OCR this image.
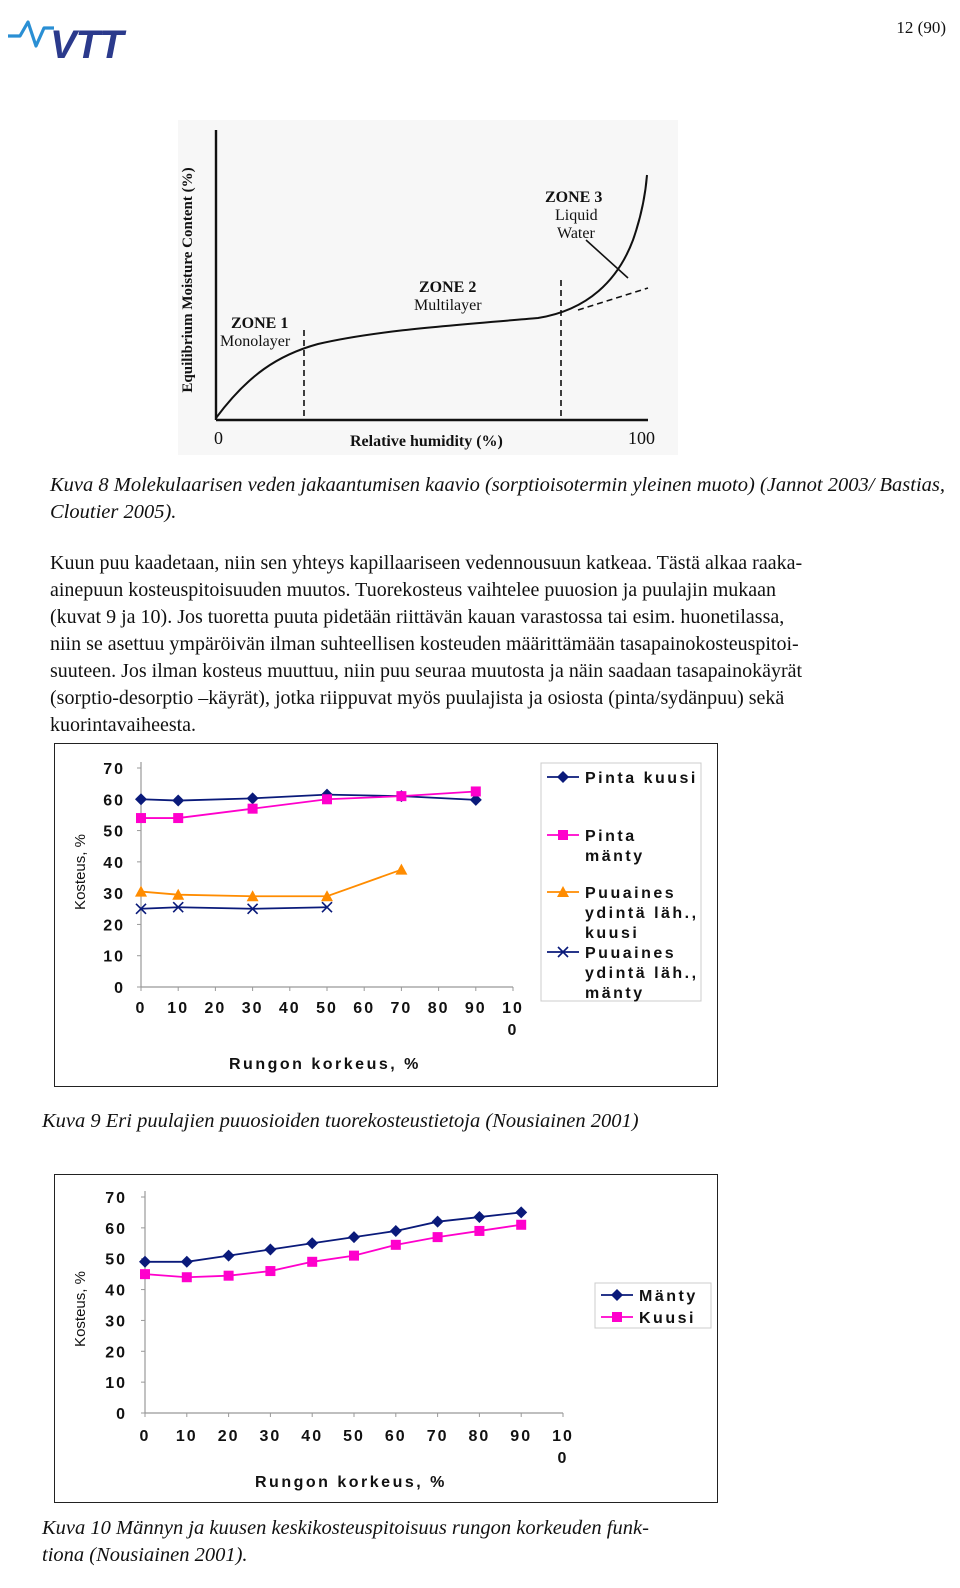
VTT	12 (90)
Equilibrium Moisture Content (%)
0	100
Relative humidity (%)
ZONE 1
Monolayer
ZONE 2
Multilayer
ZONE 3
Liquid
Water
Kuva 8 Molekulaarisen veden jakaantumisen kaavio (sorptioisotermin yleinen muoto) (Jannot 2003/ Bastias, Cloutier 2005).

Kuun puu kaadetaan, niin sen yhteys kapillaariseen vedennousuun katkeaa. Tästä alkaa raaka-

ainepuun kosteuspitoisuuden muutos. Tuorekosteus vaihtelee puuosion ja puulajin mukaan

(kuvat 9 ja 10). Jos tuoretta puuta pidetään riittävän kauan varastossa tai esim. huonetilassa,

niin se asettuu ympäröivän ilman suhteellisen kosteuden määrittämään tasapainokosteuspitoi-

suuteen. Jos ilman kosteus muuttuu, niin puu seuraa muutosta ja näin saadaan tasapainokäyrät

(sorptio-desorptio –käyrät), jotka riippuvat myös puulajista ja osiosta (pinta/sydänpuu) sekä

kuorintavaiheesta.

0
10
20
30
40
50
60
70
0 10 20 30 40 50 60 70 80 90 10 0
Rungon korkeus, %
Kosteus, %
Pinta kuusi
Pinta
mänty
Puuaines
ydintä läh.,
kuusi
Puuaines
ydintä läh.,
mänty
Kuva 9 Eri puulajien puuosioiden tuorekosteustietoja (Nousiainen 2001)
0
10
20
30
40
50
60
70
0 10 20 30 40 50 60 70 80 90 10 0
Rungon korkeus, %
Kosteus, %	Mänty
Kuusi
Kuva 10 Männyn ja kuusen keskikosteuspitoisuus rungon korkeuden funk-
tiona (Nousiainen 2001).
